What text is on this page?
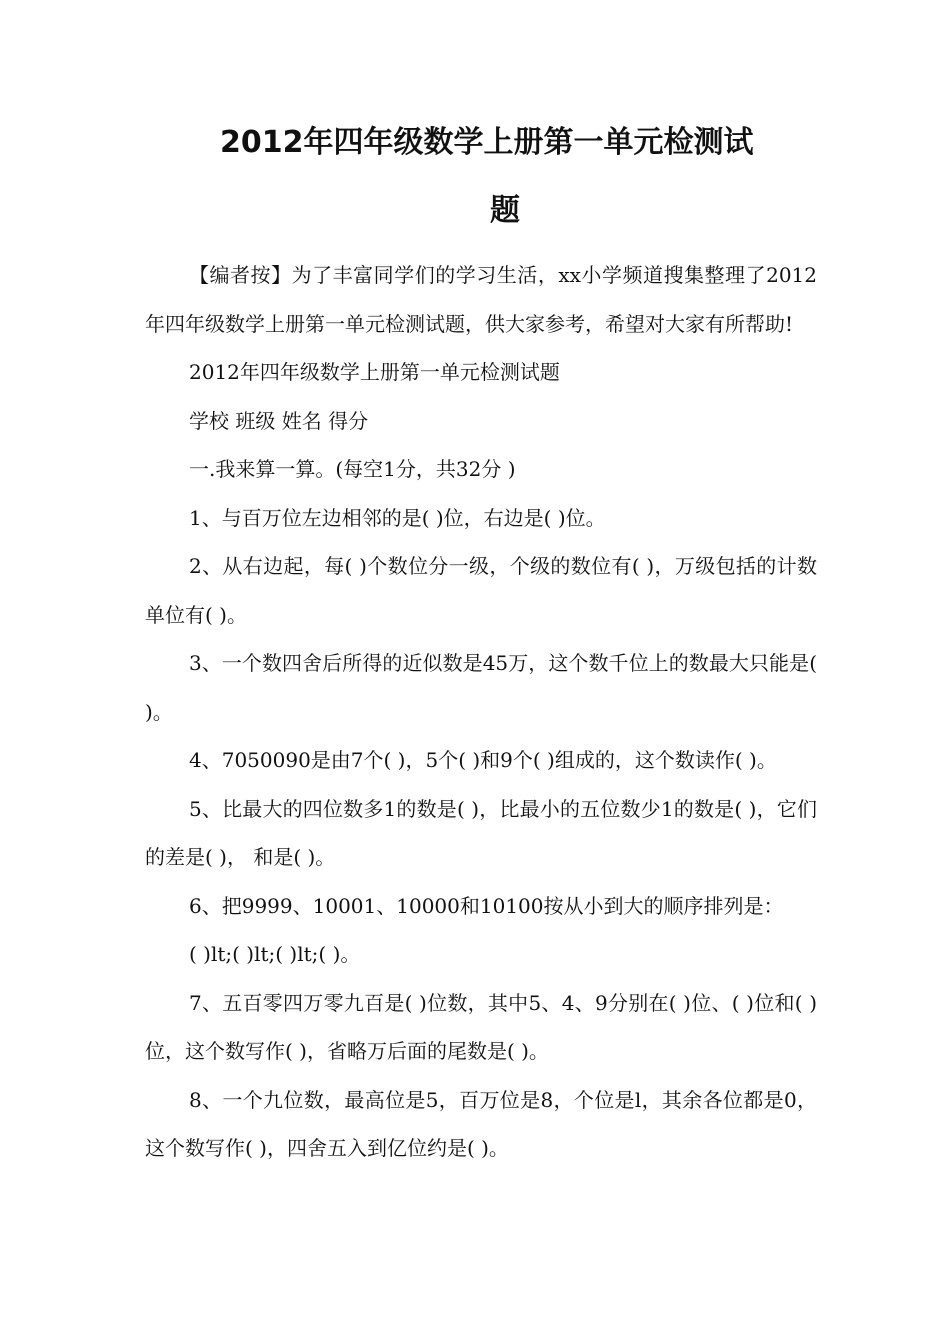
2012年四年级数学上册第一单元检测试
题

【编者按】为了丰富同学们的学习生活，xx小学频道搜集整理了2012年四年级数学上册第一单元检测试题，供大家参考，希望对大家有所帮助!

2012年四年级数学上册第一单元检测试题

学校 班级 姓名 得分

一.我来算一算。(每空1分，共32分 )

1、与百万位左边相邻的是( )位，右边是( )位。

2、从右边起，每( )个数位分一级，个级的数位有( )，万级包括的计数单位有( )。

3、一个数四舍后所得的近似数是45万，这个数千位上的数最大只能是( )。

4、7050090是由7个( )，5个( )和9个( )组成的，这个数读作( )。

5、比最大的四位数多1的数是( )，比最小的五位数少1的数是( )，它们的差是( )， 和是( )。

6、把9999、10001、10000和10100按从小到大的顺序排列是：

( )lt;( )lt;( )lt;( )。

7、五百零四万零九百是( )位数，其中5、4、9分别在( )位、( )位和( )位，这个数写作( )，省略万后面的尾数是( )。

8、一个九位数，最高位是5，百万位是8，个位是l，其余各位都是0，这个数写作( )，四舍五入到亿位约是( )。
